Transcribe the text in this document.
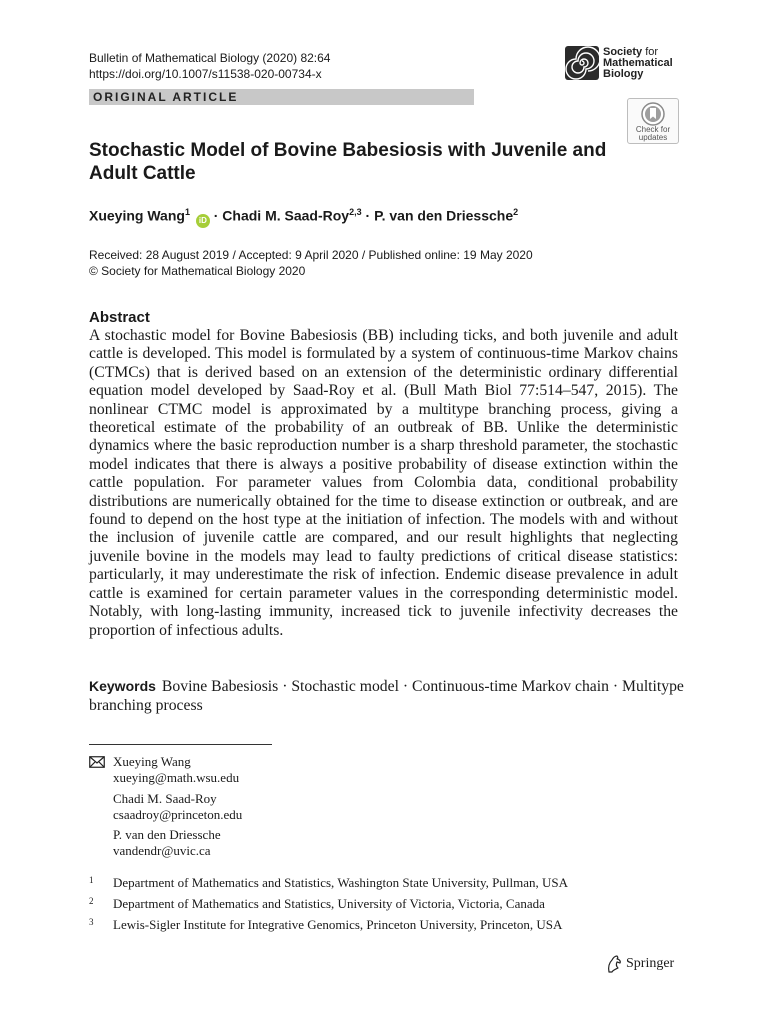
Bulletin of Mathematical Biology (2020) 82:64
https://doi.org/10.1007/s11538-020-00734-x
Society for
Mathematical
Biology
ORIGINAL ARTICLE
Check for
updates
Stochastic Model of Bovine Babesiosis with Juvenile and Adult Cattle
Xueying Wang$^1$ iD · Chadi M. Saad-Roy$^{2,3}$ · P. van den Driessche$^2$
Received: 28 August 2019 / Accepted: 9 April 2020 / Published online: 19 May 2020
© Society for Mathematical Biology 2020
Abstract

A stochastic model for Bovine Babesiosis (BB) including ticks, and both juvenile and adult cattle is developed. This model is formulated by a system of continuous-time Markov chains (CTMCs) that is derived based on an extension of the deterministic ordinary differential equation model developed by Saad-Roy et al. (Bull Math Biol 77:514–547, 2015). The nonlinear CTMC model is approximated by a multitype branching process, giving a theoretical estimate of the probability of an outbreak of BB. Unlike the deterministic dynamics where the basic reproduction number is a sharp threshold parameter, the stochastic model indicates that there is always a positive probability of disease extinction within the cattle population. For parameter values from Colombia data, conditional probability distributions are numerically obtained for the time to disease extinction or outbreak, and are found to depend on the host type at the initiation of infection. The models with and without the inclusion of juvenile cattle are compared, and our result highlights that neglecting juvenile bovine in the models may lead to faulty predictions of critical disease statistics: particularly, it may underestimate the risk of infection. Endemic disease prevalence in adult cattle is examined for certain parameter values in the corresponding deterministic model. Notably, with long-lasting immunity, increased tick to juvenile infectivity decreases the proportion of infectious adults.

Keywords Bovine Babesiosis · Stochastic model · Continuous-time Markov chain · Multitype branching process
Xueying Wang
xueying@math.wsu.edu
Chadi M. Saad-Roy
csaadroy@princeton.edu
P. van den Driessche
vandendr@uvic.ca
1 Department of Mathematics and Statistics, Washington State University, Pullman, USA
2 Department of Mathematics and Statistics, University of Victoria, Victoria, Canada
3 Lewis-Sigler Institute for Integrative Genomics, Princeton University, Princeton, USA
Springer
